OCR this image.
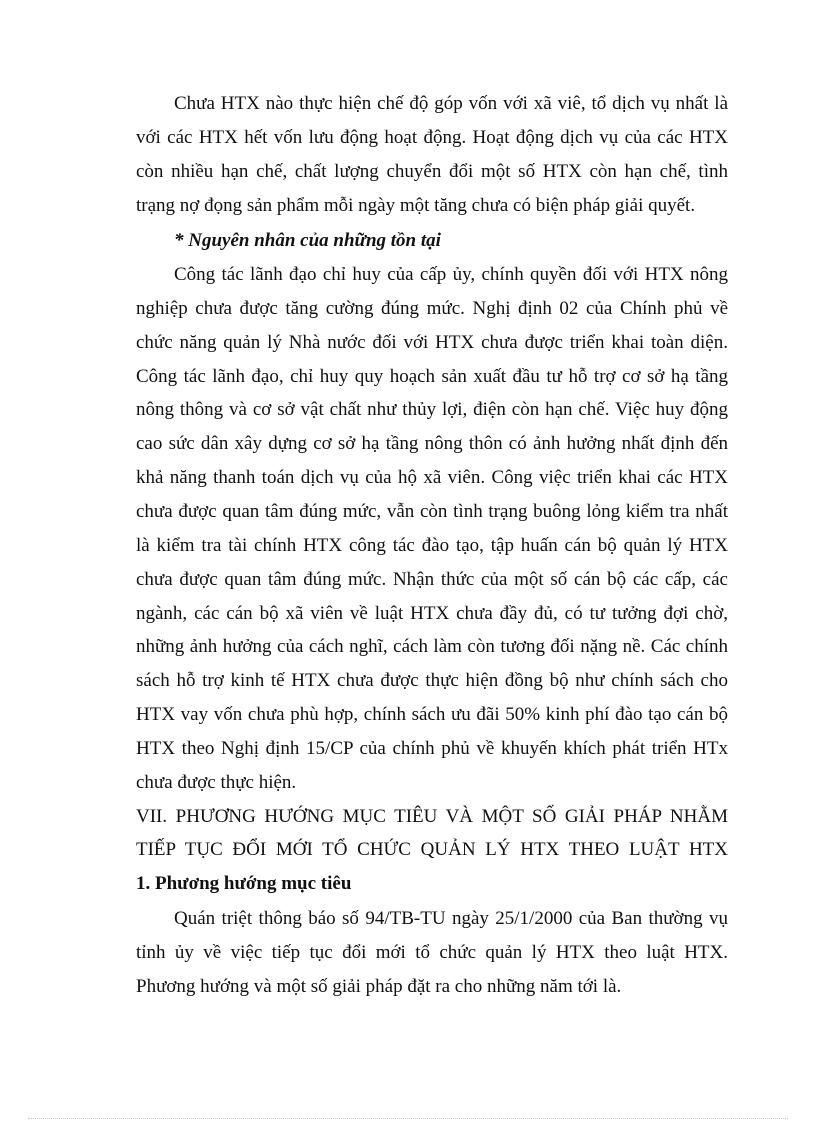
Chưa HTX nào thực hiện chế độ góp vốn với xã viê, tổ dịch vụ nhất là
với các HTX hết vốn lưu động hoạt động. Hoạt động dịch vụ của các HTX
còn nhiều hạn chế, chất lượng chuyển đổi một số HTX còn hạn chế, tình
trạng nợ đọng sản phẩm mỗi ngày một tăng chưa có biện pháp giải quyết.
* Nguyên nhân của những tồn tại
Công tác lãnh đạo chỉ huy của cấp ủy, chính quyền đối với HTX nông
nghiệp chưa được tăng cường đúng mức. Nghị định 02 của Chính phủ về
chức năng quản lý Nhà nước đối với HTX chưa được triển khai toàn diện.
Công tác lãnh đạo, chỉ huy quy hoạch sản xuất đầu tư hỗ trợ cơ sở hạ tầng
nông thông và cơ sở vật chất như thủy lợi, điện còn hạn chế. Việc huy động
cao sức dân xây dựng cơ sở hạ tầng nông thôn có ảnh hưởng nhất định đến
khả năng thanh toán dịch vụ của hộ xã viên. Công việc triển khai các HTX
chưa được quan tâm đúng mức, vẫn còn tình trạng buông lỏng kiểm tra nhất
là kiểm tra tài chính HTX công tác đào tạo, tập huấn cán bộ quản lý HTX
chưa được quan tâm đúng mức. Nhận thức của một số cán bộ các cấp, các
ngành, các cán bộ xã viên về luật HTX chưa đầy đủ, có tư tưởng đợi chờ,
những ảnh hưởng của cách nghĩ, cách làm còn tương đối nặng nề. Các chính
sách hỗ trợ kinh tế HTX chưa được thực hiện đồng bộ như chính sách cho
HTX vay vốn chưa phù hợp, chính sách ưu đãi 50% kinh phí đào tạo cán bộ
HTX theo Nghị định 15/CP của chính phủ về khuyến khích phát triển HTx
chưa được thực hiện.
VII. PHƯƠNG HƯỚNG MỤC TIÊU VÀ MỘT SỐ GIẢI PHÁP NHẰM
TIẾP TỤC ĐỔI MỚI TỔ CHỨC QUẢN LÝ HTX THEO LUẬT HTX
1. Phương hướng mục tiêu
Quán triệt thông báo số 94/TB-TU ngày 25/1/2000 của Ban thường vụ
tỉnh ủy về việc tiếp tục đổi mới tổ chức quản lý HTX theo luật HTX.
Phương hướng và một số giải pháp đặt ra cho những năm tới là.
